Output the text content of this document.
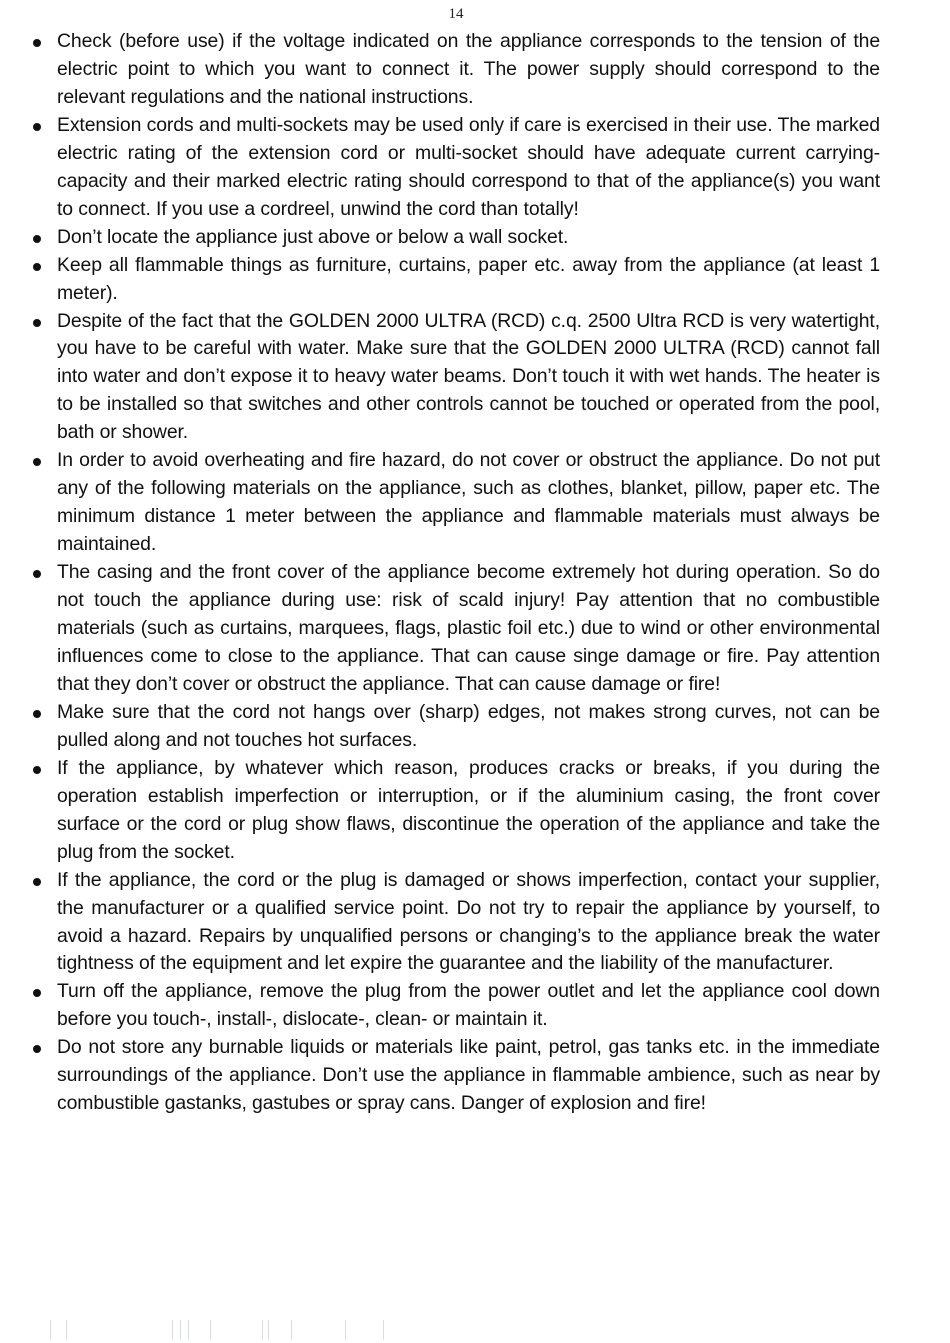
14
Check (before use) if the voltage indicated on the appliance corresponds to the tension of the electric point to which you want to connect it. The power supply should correspond to the relevant regulations and the national instructions.
Extension cords and multi-sockets may be used only if care is exercised in their use. The marked electric rating of the extension cord or multi-socket should have adequate current carrying-capacity and their marked electric rating should correspond to that of the appliance(s) you want to connect. If you use a cordreel, unwind the cord than totally!
Don’t locate the appliance just above or below a wall socket.
Keep all flammable things as furniture, curtains, paper etc. away from the appliance (at least 1 meter).
Despite of the fact that the GOLDEN 2000 ULTRA (RCD) c.q. 2500 Ultra RCD is very watertight, you have to be careful with water. Make sure that the GOLDEN 2000 ULTRA (RCD) cannot fall into water and don’t expose it to heavy water beams. Don’t touch it with wet hands. The heater is to be installed so that switches and other controls cannot be touched or operated from the pool, bath or shower.
In order to avoid overheating and fire hazard, do not cover or obstruct the appliance. Do not put any of the following materials on the appliance, such as clothes, blanket, pillow, paper etc. The minimum distance 1 meter between the appliance and flammable materials must always be maintained.
The casing and the front cover of the appliance become extremely hot during operation. So do not touch the appliance during use: risk of scald injury! Pay attention that no combustible materials (such as curtains, marquees, flags, plastic foil etc.) due to wind or other environmental influences come to close to the appliance. That can cause singe damage or fire. Pay attention that they don’t cover or obstruct the appliance. That can cause damage or fire!
Make sure that the cord not hangs over (sharp) edges, not makes strong curves, not can be pulled along and not touches hot surfaces.
If the appliance, by whatever which reason, produces cracks or breaks, if you during the operation establish imperfection or interruption, or if the aluminium casing, the front cover surface or the cord or plug show flaws, discontinue the operation of the appliance and take the plug from the socket.
If the appliance, the cord or the plug is damaged or shows imperfection, contact your supplier, the manufacturer or a qualified service point. Do not try to repair the appliance by yourself, to avoid a hazard. Repairs by unqualified persons or changing’s to the appliance break the water tightness of the equipment and let expire the guarantee and the liability of the manufacturer.
Turn off the appliance, remove the plug from the power outlet and let the appliance cool down before you touch-, install-, dislocate-, clean- or maintain it.
Do not store any burnable liquids or materials like paint, petrol, gas tanks etc. in the immediate surroundings of the appliance. Don’t use the appliance in flammable ambience, such as near by combustible gastanks, gastubes or spray cans. Danger of explosion and fire!
